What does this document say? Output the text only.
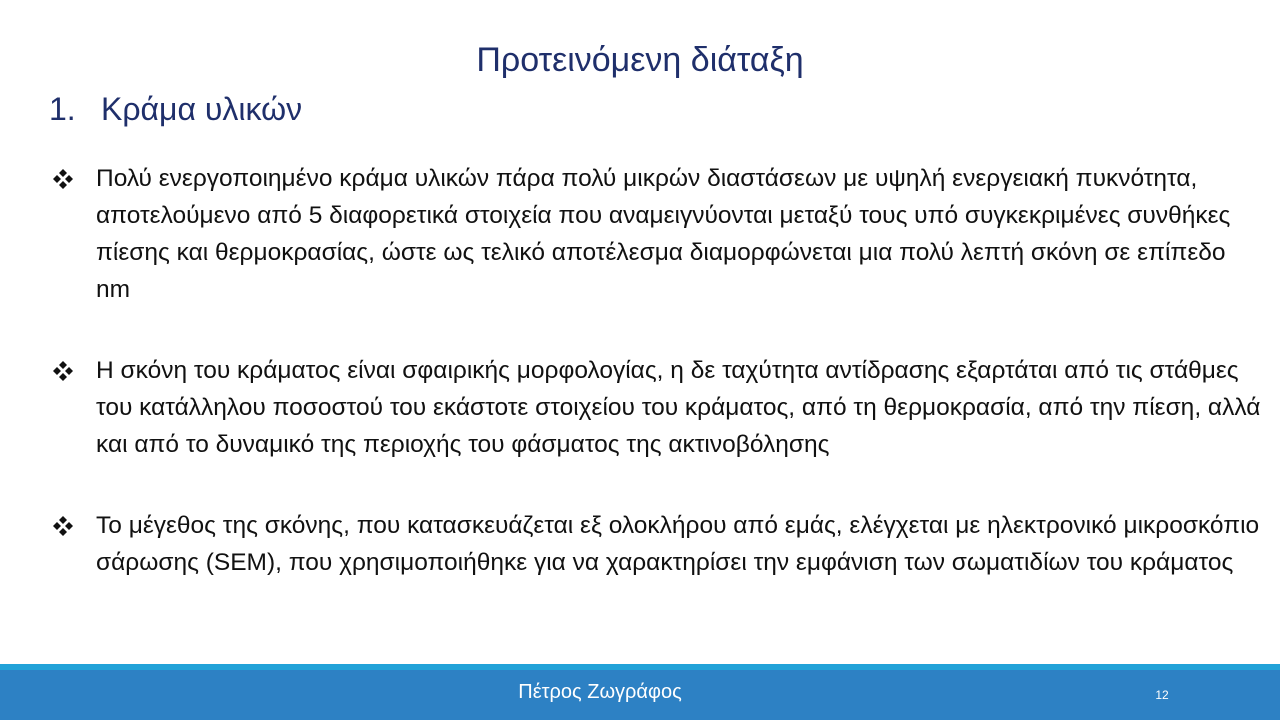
Προτεινόμενη διάταξη
1. Κράμα υλικών
Πολύ ενεργοποιημένο κράμα υλικών πάρα πολύ μικρών διαστάσεων με υψηλή ενεργειακή πυκνότητα, αποτελούμενο από 5 διαφορετικά στοιχεία που αναμειγνύονται μεταξύ τους υπό συγκεκριμένες συνθήκες πίεσης και θερμοκρασίας, ώστε ως τελικό αποτέλεσμα διαμορφώνεται μια πολύ λεπτή σκόνη σε επίπεδο nm
Η σκόνη του κράματος είναι σφαιρικής μορφολογίας, η δε ταχύτητα αντίδρασης εξαρτάται από τις στάθμες του κατάλληλου ποσοστού του εκάστοτε στοιχείου του κράματος, από τη θερμοκρασία, από την πίεση, αλλά και από το δυναμικό της περιοχής του φάσματος της ακτινοβόλησης
Το μέγεθος της σκόνης, που κατασκευάζεται εξ ολοκλήρου από εμάς, ελέγχεται με ηλεκτρονικό μικροσκόπιο σάρωσης (SEM), που χρησιμοποιήθηκε για να χαρακτηρίσει την εμφάνιση των σωματιδίων του κράματος
Πέτρος Ζωγράφος	12
